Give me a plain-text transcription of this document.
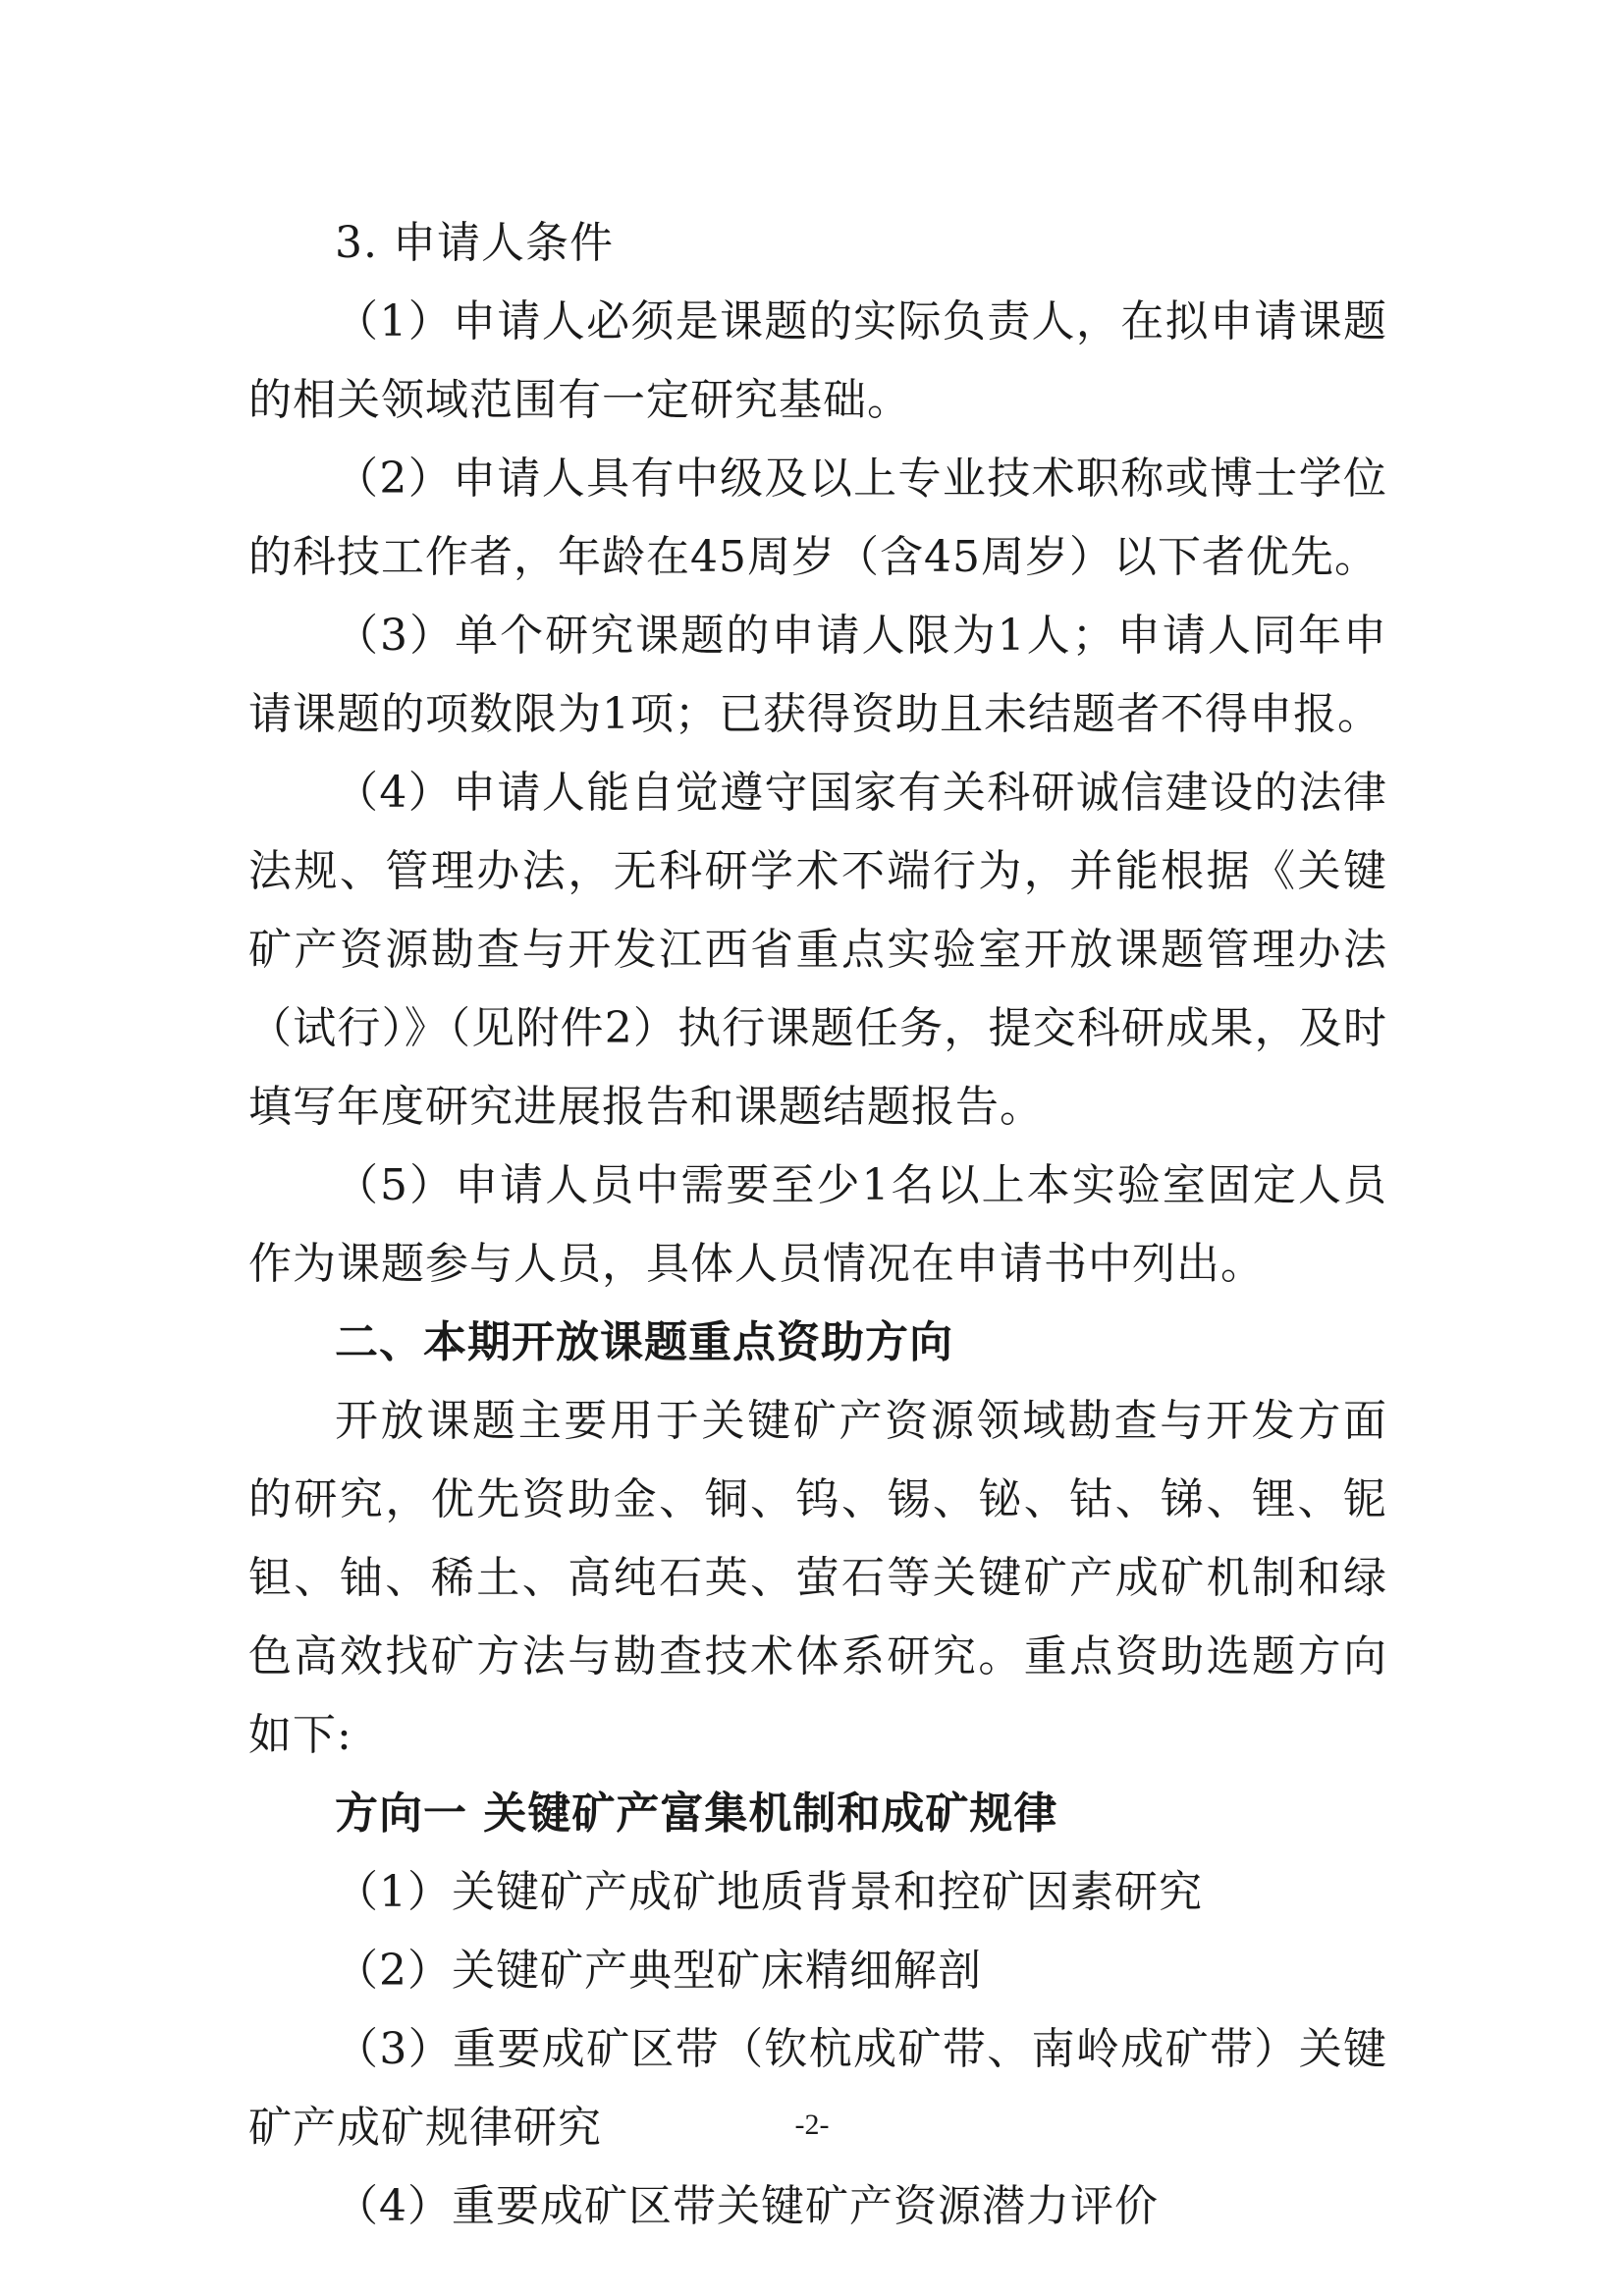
3. 申请人条件

（1）申请人必须是课题的实际负责人，在拟申请课题的相关领域范围有一定研究基础。

（2）申请人具有中级及以上专业技术职称或博士学位的科技工作者，年龄在45周岁（含45周岁）以下者优先。

（3）单个研究课题的申请人限为1人；申请人同年申请课题的项数限为1项；已获得资助且未结题者不得申报。

（4）申请人能自觉遵守国家有关科研诚信建设的法律法规、管理办法，无科研学术不端行为，并能根据《关键矿产资源勘查与开发江西省重点实验室开放课题管理办法（试行）》（见附件2）执行课题任务，提交科研成果，及时填写年度研究进展报告和课题结题报告。

（5）申请人员中需要至少1名以上本实验室固定人员作为课题参与人员，具体人员情况在申请书中列出。

二、本期开放课题重点资助方向

开放课题主要用于关键矿产资源领域勘查与开发方面的研究，优先资助金、铜、钨、锡、铋、钴、锑、锂、铌钽、铀、稀土、高纯石英、萤石等关键矿产成矿机制和绿色高效找矿方法与勘查技术体系研究。重点资助选题方向如下:

方向一 关键矿产富集机制和成矿规律

（1）关键矿产成矿地质背景和控矿因素研究

（2）关键矿产典型矿床精细解剖

（3）重要成矿区带（钦杭成矿带、南岭成矿带）关键矿产成矿规律研究

（4）重要成矿区带关键矿产资源潜力评价

-2-
